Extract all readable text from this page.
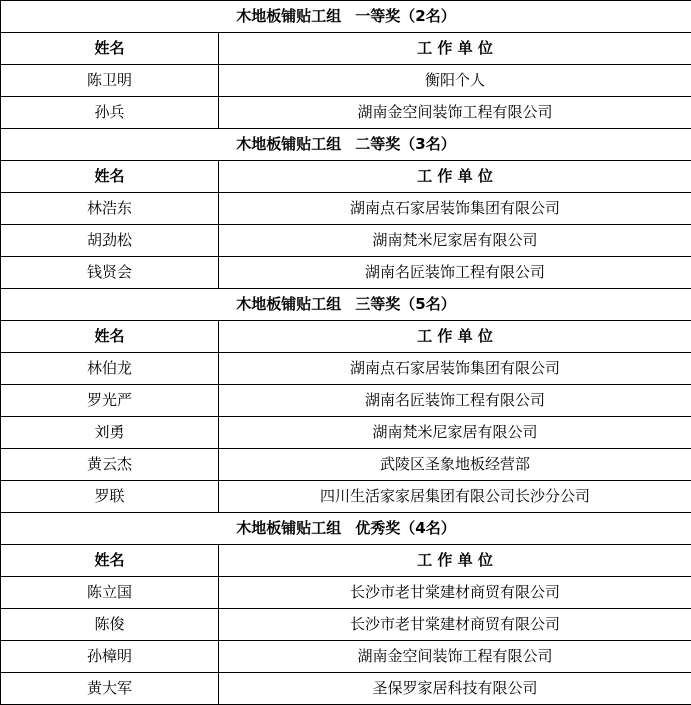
木地板铺贴工组 一等奖（2名）	
姓名	工 作 单 位
陈卫明	衡阳个人
孙兵	湖南金空间装饰工程有限公司
木地板铺贴工组 二等奖（3名）	
姓名	工 作 单 位
林浩东	湖南点石家居装饰集团有限公司
胡劲松	湖南梵米尼家居有限公司
钱贤会	湖南名匠装饰工程有限公司
木地板铺贴工组 三等奖（5名）	
姓名	工 作 单 位
林伯龙	湖南点石家居装饰集团有限公司
罗光严	湖南名匠装饰工程有限公司
刘勇	湖南梵米尼家居有限公司
黄云杰	武陵区圣象地板经营部
罗联	四川生活家家居集团有限公司长沙分公司
木地板铺贴工组 优秀奖（4名）	
姓名	工 作 单 位
陈立国	长沙市老甘棠建材商贸有限公司
陈俊	长沙市老甘棠建材商贸有限公司
孙樟明	湖南金空间装饰工程有限公司
黄大军	圣保罗家居科技有限公司
